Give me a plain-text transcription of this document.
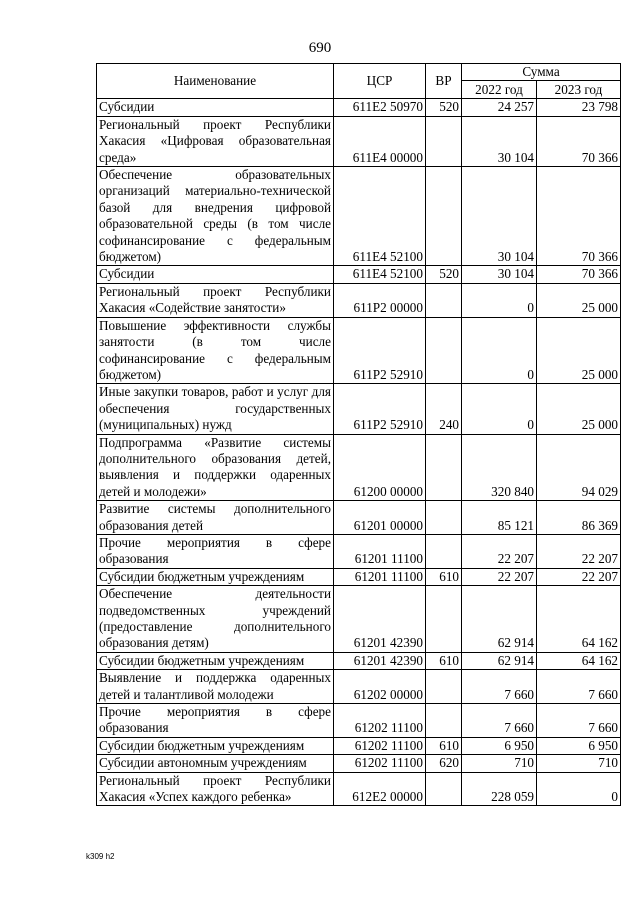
690
Наименование	ЦСР	ВР	Сумма	
			2022 год	2023 год
Субсидии	611Е2 50970	520	24 257	23 798
Региональный проект Республики Хакасия «Цифровая образовательная среда»	611Е4 00000		30 104	70 366
Обеспечение образовательных организаций материально-технической базой для внедрения цифровой образовательной среды (в том числе софинансирование с федеральным бюджетом)	611Е4 52100		30 104	70 366
Субсидии	611Е4 52100	520	30 104	70 366
Региональный проект Республики Хакасия «Содействие занятости»	611Р2 00000		0	25 000
Повышение эффективности службы занятости (в том числе софинансирование с федеральным бюджетом)	611Р2 52910		0	25 000
Иные закупки товаров, работ и услуг для обеспечения государственных (муниципальных) нужд	611Р2 52910	240	0	25 000
Подпрограмма «Развитие системы дополнительного образования детей, выявления и поддержки одаренных детей и молодежи»	61200 00000		320 840	94 029
Развитие системы дополнительного образования детей	61201 00000		85 121	86 369
Прочие мероприятия в сфере образования	61201 11100		22 207	22 207
Субсидии бюджетным учреждениям	61201 11100	610	22 207	22 207
Обеспечение деятельности подведомственных учреждений (предоставление дополнительного образования детям)	61201 42390		62 914	64 162
Субсидии бюджетным учреждениям	61201 42390	610	62 914	64 162
Выявление и поддержка одаренных детей и талантливой молодежи	61202 00000		7 660	7 660
Прочие мероприятия в сфере образования	61202 11100		7 660	7 660
Субсидии бюджетным учреждениям	61202 11100	610	6 950	6 950
Субсидии автономным учреждениям	61202 11100	620	710	710
Региональный проект Республики Хакасия «Успех каждого ребенка»	612Е2 00000		228 059	0
k309 h2
